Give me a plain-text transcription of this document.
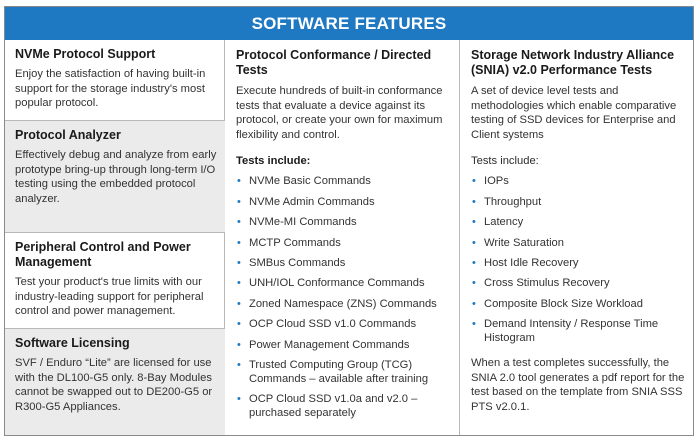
SOFTWARE FEATURES
NVMe Protocol Support
Enjoy the satisfaction of having built-in support for the storage industry's most popular protocol.
Protocol Analyzer
Effectively debug and analyze from early prototype bring-up through long-term I/O testing using the embedded protocol analyzer.
Peripheral Control and Power Management
Test your product's true limits with our industry-leading support for peripheral control and power management.
Software Licensing
SVF / Enduro “Lite” are licensed for use with the DL100-G5 only. 8-Bay Modules cannot be swapped out to DE200-G5 or R300-G5 Appliances.
Protocol Conformance / Directed Tests
Execute hundreds of built-in conformance tests that evaluate a device against its protocol, or create your own for maximum flexibility and control.
Tests include:
• NVMe Basic Commands
• NVMe Admin Commands
• NVMe-MI Commands
• MCTP Commands
• SMBus Commands
• UNH/IOL Conformance Commands
• Zoned Namespace (ZNS) Commands
• OCP Cloud SSD v1.0 Commands
• Power Management Commands
• Trusted Computing Group (TCG) Commands – available after training
• OCP Cloud SSD v1.0a and v2.0 – purchased separately
Storage Network Industry Alliance (SNIA) v2.0 Performance Tests
A set of device level tests and methodologies which enable comparative testing of SSD devices for Enterprise and Client systems
Tests include:
• IOPs
• Throughput
• Latency
• Write Saturation
• Host Idle Recovery
• Cross Stimulus Recovery
• Composite Block Size Workload
• Demand Intensity / Response Time Histogram
When a test completes successfully, the SNIA 2.0 tool generates a pdf report for the test based on the template from SNIA SSS PTS v2.0.1.
